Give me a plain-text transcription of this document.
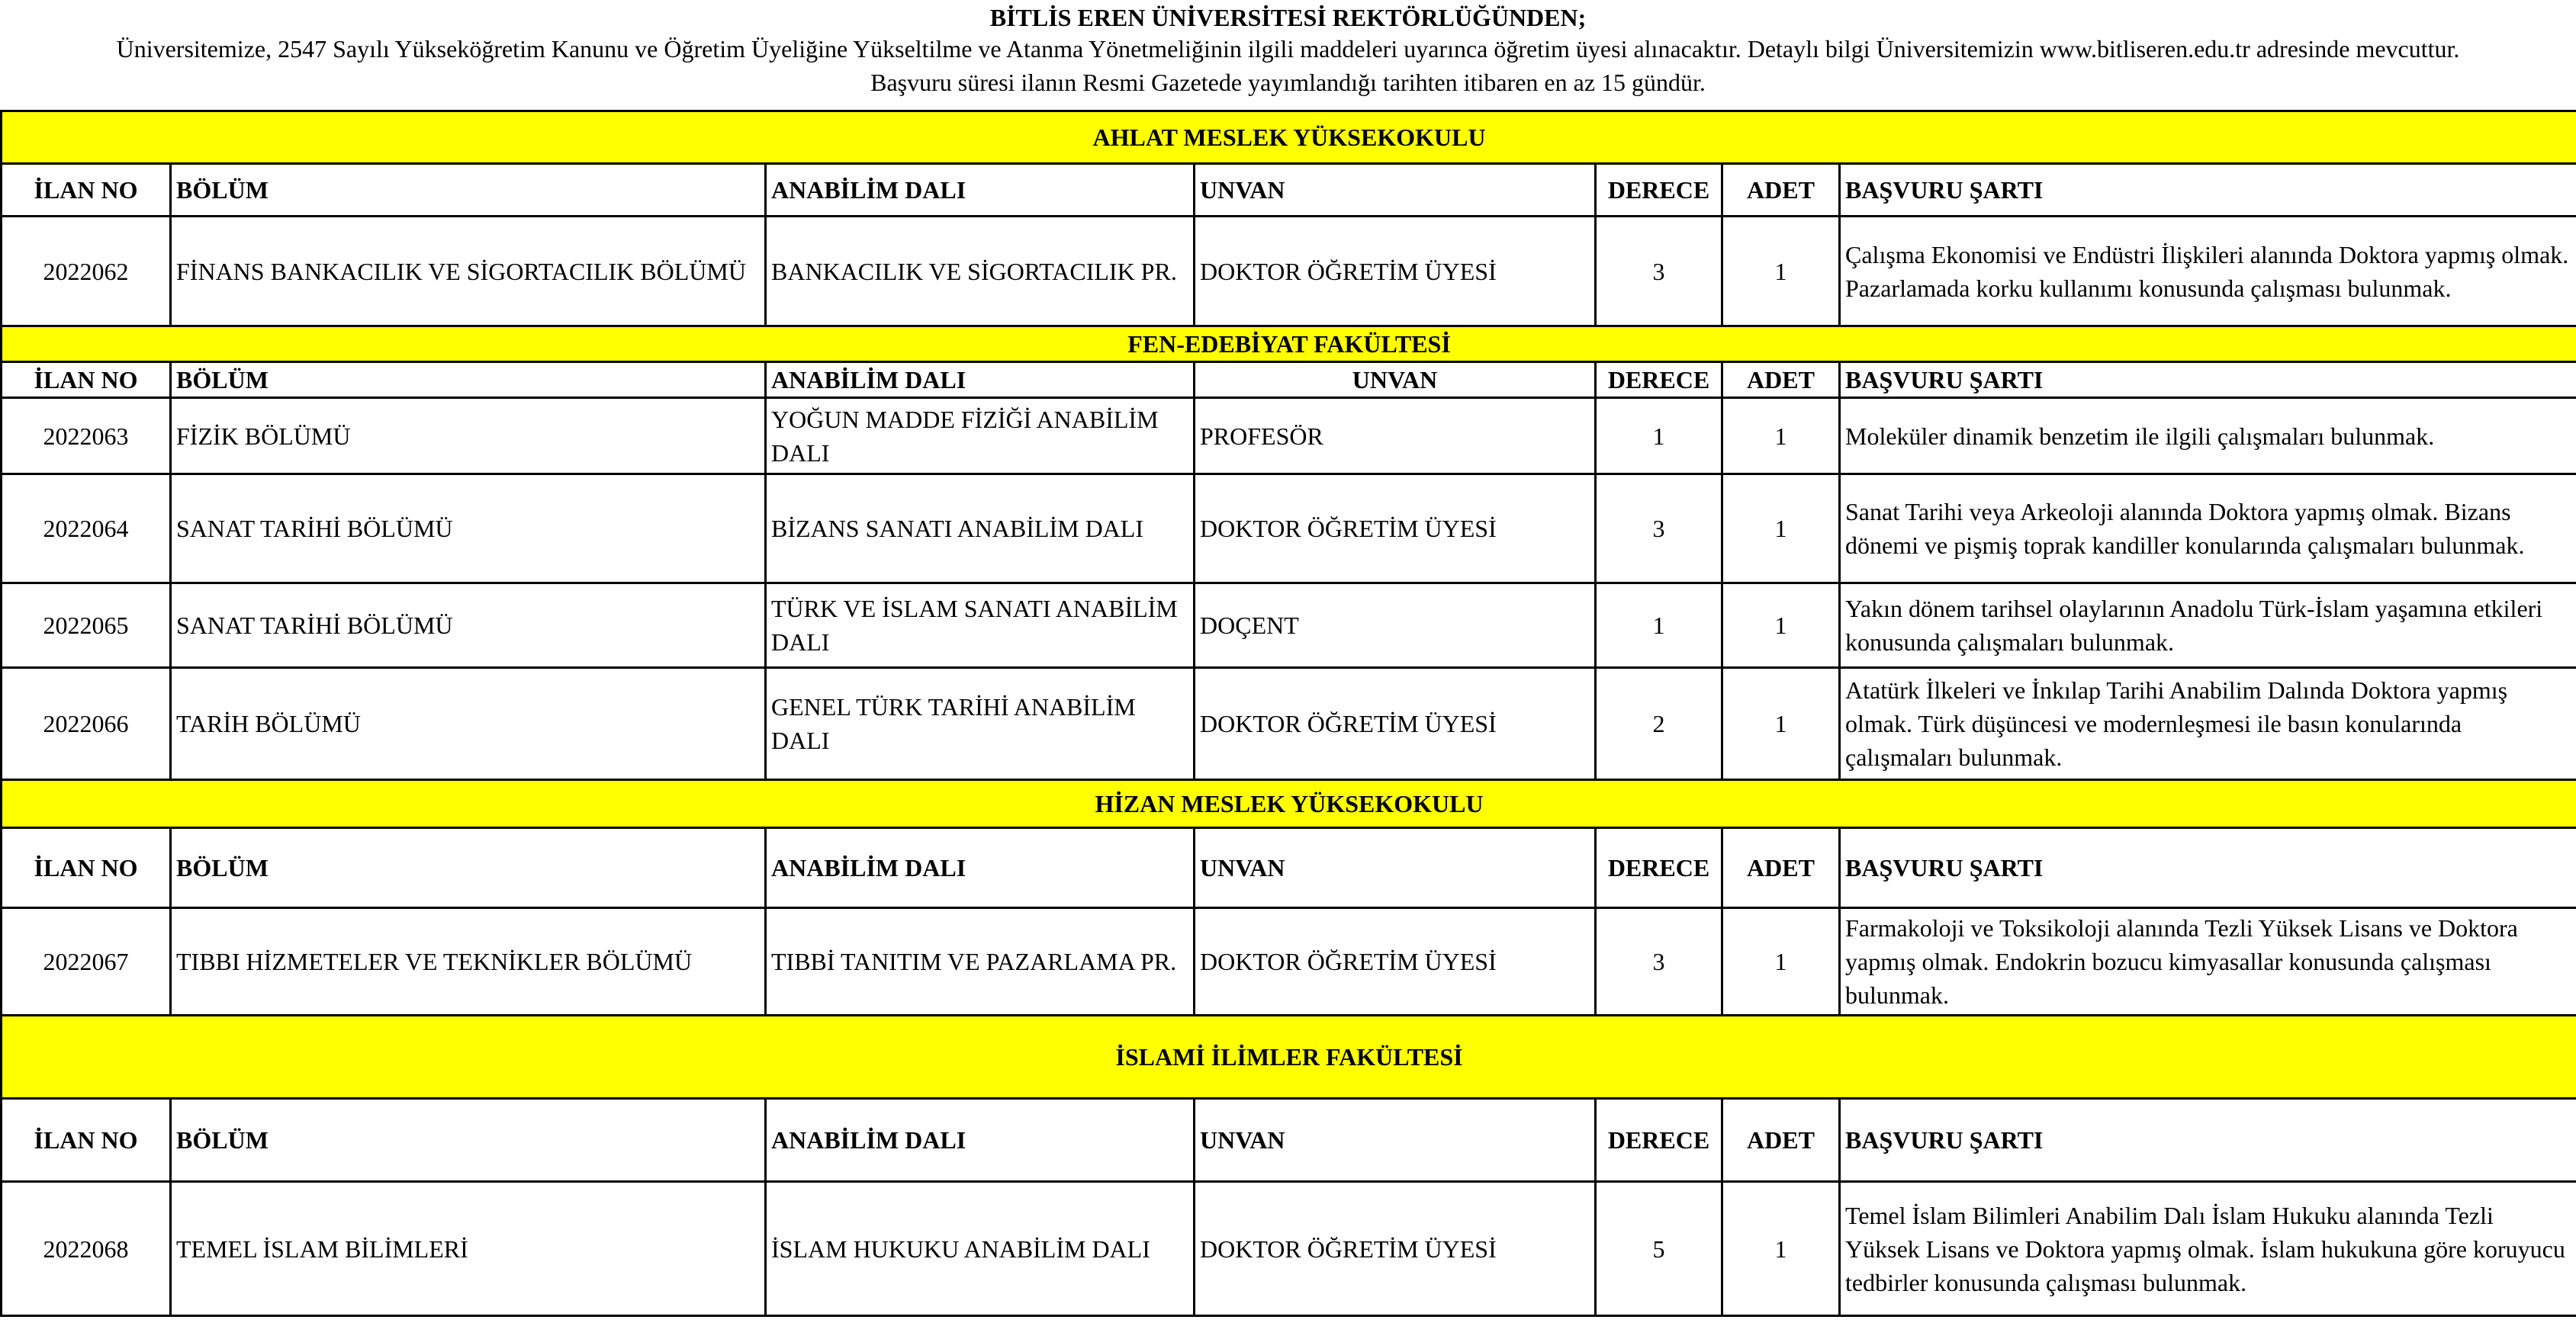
BİTLİS EREN ÜNİVERSİTESİ REKTÖRLÜĞÜNDEN;
Üniversitemize, 2547 Sayılı Yükseköğretim Kanunu ve Öğretim Üyeliğine Yükseltilme ve Atanma Yönetmeliğinin ilgili maddeleri uyarınca öğretim üyesi alınacaktır. Detaylı bilgi Üniversitemizin www.bitliseren.edu.tr adresinde mevcuttur.
Başvuru süresi ilanın Resmi Gazetede yayımlandığı tarihten itibaren en az 15 gündür.
AHLAT MESLEK YÜKSEKOKULU						
İLAN NO	BÖLÜM	ANABİLİM DALI	UNVAN	DERECE	ADET	BAŞVURU ŞARTI
2022062	FİNANS BANKACILIK VE SİGORTACILIK BÖLÜMÜ	BANKACILIK VE SİGORTACILIK PR.	DOKTOR ÖĞRETİM ÜYESİ	3	1	Çalışma Ekonomisi ve Endüstri İlişkileri alanında Doktora yapmış olmak. Pazarlamada korku kullanımı konusunda çalışması bulunmak.
FEN-EDEBİYAT FAKÜLTESİ						
İLAN NO	BÖLÜM	ANABİLİM DALI	UNVAN	DERECE	ADET	BAŞVURU ŞARTI
2022063	FİZİK BÖLÜMÜ	YOĞUN MADDE FİZİĞİ ANABİLİM DALI	PROFESÖR	1	1	Moleküler dinamik benzetim ile ilgili çalışmaları bulunmak.
2022064	SANAT TARİHİ BÖLÜMÜ	BİZANS SANATI ANABİLİM DALI	DOKTOR ÖĞRETİM ÜYESİ	3	1	Sanat Tarihi veya Arkeoloji alanında Doktora yapmış olmak. Bizans dönemi ve pişmiş toprak kandiller konularında çalışmaları bulunmak.
2022065	SANAT TARİHİ BÖLÜMÜ	TÜRK VE İSLAM SANATI ANABİLİM DALI	DOÇENT	1	1	Yakın dönem tarihsel olaylarının Anadolu Türk-İslam yaşamına etkileri konusunda çalışmaları bulunmak.
2022066	TARİH BÖLÜMÜ	GENEL TÜRK TARİHİ ANABİLİM DALI	DOKTOR ÖĞRETİM ÜYESİ	2	1	Atatürk İlkeleri ve İnkılap Tarihi Anabilim Dalında Doktora yapmış olmak. Türk düşüncesi ve modernleşmesi ile basın konularında çalışmaları bulunmak.
HİZAN MESLEK YÜKSEKOKULU						
İLAN NO	BÖLÜM	ANABİLİM DALI	UNVAN	DERECE	ADET	BAŞVURU ŞARTI
2022067	TIBBI HİZMETELER VE TEKNİKLER BÖLÜMÜ	TIBBİ TANITIM VE PAZARLAMA PR.	DOKTOR ÖĞRETİM ÜYESİ	3	1	Farmakoloji ve Toksikoloji alanında Tezli Yüksek Lisans ve Doktora yapmış olmak. Endokrin bozucu kimyasallar konusunda çalışması bulunmak.
İSLAMİ İLİMLER FAKÜLTESİ						
İLAN NO	BÖLÜM	ANABİLİM DALI	UNVAN	DERECE	ADET	BAŞVURU ŞARTI
2022068	TEMEL İSLAM BİLİMLERİ	İSLAM HUKUKU ANABİLİM DALI	DOKTOR ÖĞRETİM ÜYESİ	5	1	Temel İslam Bilimleri Anabilim Dalı İslam Hukuku alanında Tezli Yüksek Lisans ve Doktora yapmış olmak. İslam hukukuna göre koruyucu tedbirler konusunda çalışması bulunmak.
